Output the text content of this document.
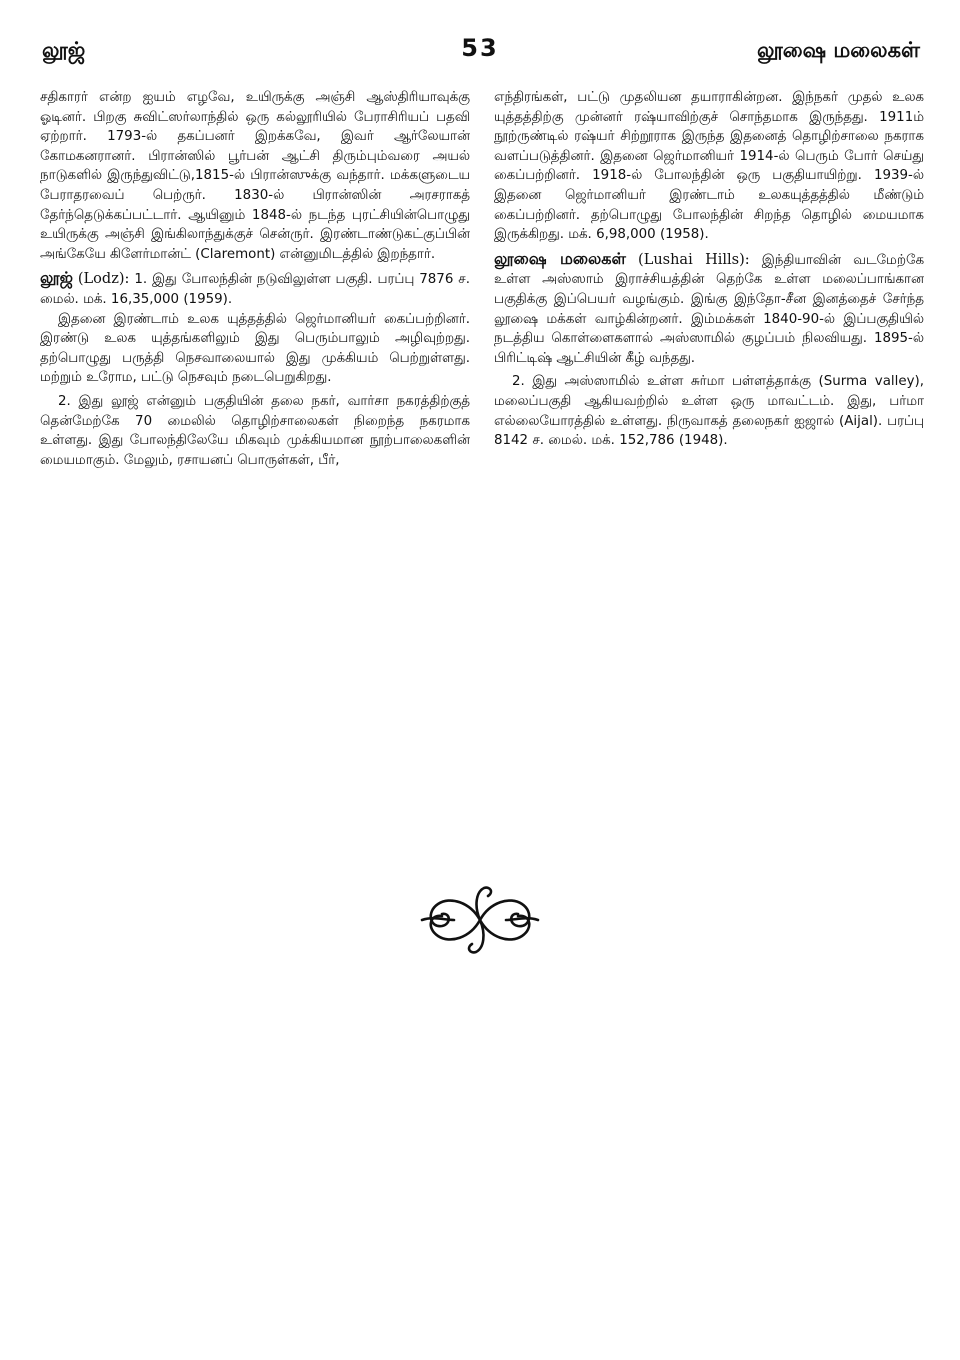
லூஜ்	53	லூஷை மலைகள்

சதிகாரர் என்ற ஐயம் எழவே, உயிருக்கு அஞ்சி ஆஸ்திரியாவுக்கு ஓடினர். பிறகு சுவிட்ஸர்லாந்தில் ஒரு கல்லூரியில் பேராசிரியப் பதவி ஏற்றார். 1793-ல் தகப்பனர் இறக்கவே, இவர் ஆர்லேயான் கோமகனரானர். பிரான்ஸில் பூர்பன் ஆட்சி திரும்பும்வரை அயல் நாடுகளில் இருந்துவிட்டு,1815-ல் பிரான்ஸுக்கு வந்தார். மக்களுடைய பேராதரவைப் பெற்ருர். 1830-ல் பிரான்ஸின் அரசராகத் தேர்ந்தெடுக்கப்பட்டார். ஆயினும் 1848-ல் நடந்த புரட்சியின்பொழுது உயிருக்கு அஞ்சி இங்கிலாந்துக்குச் சென்ருர். இரண்டாண்டுகட்குப்பின் அங்கேயே கிளேர்மான்ட் (Claremont) என்னுமிடத்தில் இறந்தார்.

லூஜ் (Lodz): 1. இது போலந்தின் நடுவிலுள்ள பகுதி. பரப்பு 7876 ச. மைல். மக். 16,35,000 (1959).

இதனை இரண்டாம் உலக யுத்தத்தில் ஜெர்மானியர் கைப்பற்றினர். இரண்டு உலக யுத்தங்களிலும் இது பெரும்பாலும் அழிவுற்றது. தற்பொழுது பருத்தி நெசவாலையால் இது முக்கியம் பெற்றுள்ளது. மற்றும் உரோம, பட்டு நெசவும் நடைபெறுகிறது.

2. இது லூஜ் என்னும் பகுதியின் தலை நகர், வார்சா நகரத்திற்குத் தென்மேற்கே 70 மைலில் தொழிற்சாலைகள் நிறைந்த நகரமாக உள்ளது. இது போலந்திலேயே மிகவும் முக்கியமான நூற்பாலைகளின் மையமாகும். மேலும், ரசாயனப் பொருள்கள், பீர்,

எந்திரங்கள், பட்டு முதலியன தயாராகின்றன. இந்நகர் முதல் உலக யுத்தத்திற்கு முன்னர் ரஷ்யாவிற்குச் சொந்தமாக இருந்தது. 1911ம் நூற்ருண்டில் ரஷ்யர் சிற்றூராக இருந்த இதனைத் தொழிற்சாலை நகராக வளப்படுத்தினர். இதனை ஜெர்மானியர் 1914-ல் பெரும் போர் செய்து கைப்பற்றினர். 1918-ல் போலந்தின் ஒரு பகுதியாயிற்று. 1939-ல் இதனை ஜெர்மானியர் இரண்டாம் உலகயுத்தத்தில் மீண்டும் கைப்பற்றினர். தற்பொழுது போலந்தின் சிறந்த தொழில் மையமாக இருக்கிறது. மக். 6,98,000 (1958).

லூஷை மலைகள் (Lushai Hills): இந்தியாவின் வடமேற்கே உள்ள அஸ்ஸாம் இராச்சியத்தின் தெற்கே உள்ள மலைப்பாங்கான பகுதிக்கு இப்பெயர் வழங்கும். இங்கு இந்தோ-சீன இனத்தைச் சேர்ந்த லூஷை மக்கள் வாழ்கின்றனர். இம்மக்கள் 1840-90-ல் இப்பகுதியில் நடத்திய கொள்ளைகளால் அஸ்ஸாமில் குழப்பம் நிலவியது. 1895-ல் பிரிட்டிஷ் ஆட்சியின் கீழ் வந்தது.

2. இது அஸ்ஸாமில் உள்ள சுர்மா பள்ளத்தாக்கு (Surma valley), மலைப்பகுதி ஆகியவற்றில் உள்ள ஒரு மாவட்டம். இது, பர்மா எல்லையோரத்தில் உள்ளது. நிருவாகத் தலைநகர் ஐஜால் (Aijal). பரப்பு 8142 ச. மைல். மக். 152,786 (1948).
